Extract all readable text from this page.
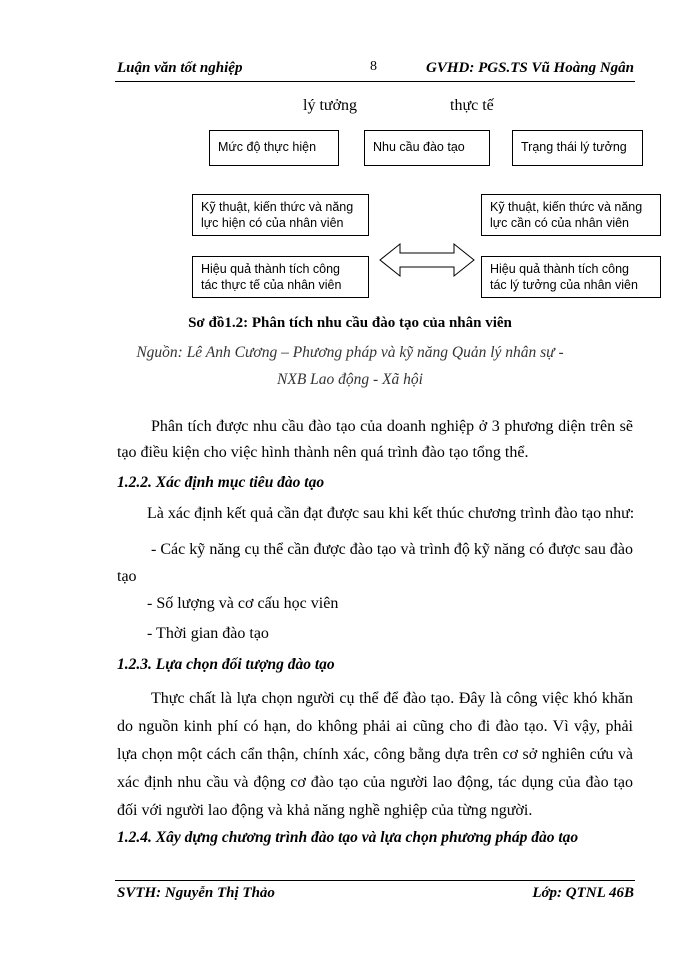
Luận văn tốt nghiệp	8	GVHD: PGS.TS Vũ Hoàng Ngân
lý tưởng	thực tế
Mức độ thực hiện	Nhu cầu đào tạo	Trạng thái lý tưởng
Kỹ thuật, kiến thức và năng
lực hiện có của nhân viên
Hiệu quả thành tích công
tác thực tế của nhân viên
Kỹ thuật, kiến thức và năng
lực cần có của nhân viên
Hiệu quả thành tích công
tác lý tưởng của nhân viên
Sơ đồ1.2: Phân tích nhu cầu đào tạo của nhân viên
Nguồn: Lê Anh Cương – Phương pháp và kỹ năng Quản lý nhân sự -
NXB Lao động - Xã hội
Phân tích được nhu cầu đào tạo của doanh nghiệp ở 3 phương diện trên sẽ tạo điều kiện cho việc hình thành nên quá trình đào tạo tổng thể.
1.2.2. Xác định mục tiêu đào tạo
Là xác định kết quả cần đạt được sau khi kết thúc chương trình đào tạo như:
- Các kỹ năng cụ thể cần được đào tạo và trình độ kỹ năng có được sau đào tạo
- Số lượng và cơ cấu học viên
- Thời gian đào tạo
1.2.3. Lựa chọn đối tượng đào tạo
Thực chất là lựa chọn người cụ thể để đào tạo. Đây là công việc khó khăn do nguồn kinh phí có hạn, do không phải ai cũng cho đi đào tạo. Vì vậy, phải lựa chọn một cách cẩn thận, chính xác, công bằng dựa trên cơ sở nghiên cứu và xác định nhu cầu và động cơ đào tạo của người lao động, tác dụng của đào tạo đối với người lao động và khả năng nghề nghiệp của từng người.
1.2.4. Xây dựng chương trình đào tạo và lựa chọn phương pháp đào tạo
SVTH: Nguyễn Thị Thảo	Lớp: QTNL 46B
